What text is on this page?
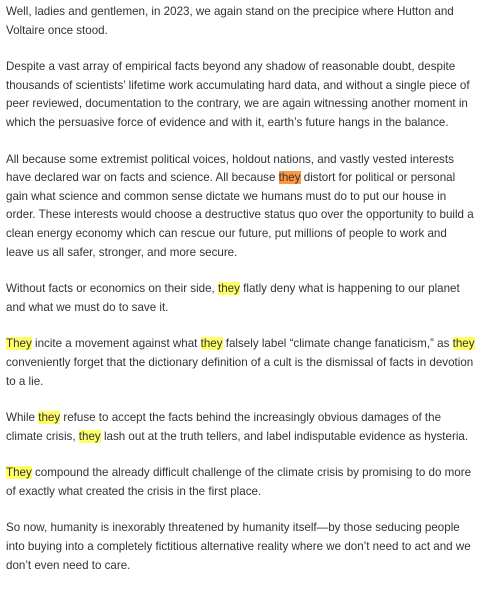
Well, ladies and gentlemen, in 2023, we again stand on the precipice where Hutton and Voltaire once stood.

Despite a vast array of empirical facts beyond any shadow of reasonable doubt, despite thousands of scientists’ lifetime work accumulating hard data, and without a single piece of peer reviewed, documentation to the contrary, we are again witnessing another moment in which the persuasive force of evidence and with it, earth’s future hangs in the balance.

All because some extremist political voices, holdout nations, and vastly vested interests have declared war on facts and science. All because they distort for political or personal gain what science and common sense dictate we humans must do to put our house in order. These interests would choose a destructive status quo over the opportunity to build a clean energy economy which can rescue our future, put millions of people to work and leave us all safer, stronger, and more secure.

Without facts or economics on their side, they flatly deny what is happening to our planet and what we must do to save it.

They incite a movement against what they falsely label “climate change fanaticism,” as they conveniently forget that the dictionary definition of a cult is the dismissal of facts in devotion to a lie.

While they refuse to accept the facts behind the increasingly obvious damages of the climate crisis, they lash out at the truth tellers, and label indisputable evidence as hysteria.

They compound the already difficult challenge of the climate crisis by promising to do more of exactly what created the crisis in the first place.

So now, humanity is inexorably threatened by humanity itself—by those seducing people into buying into a completely fictitious alternative reality where we don’t need to act and we don’t even need to care.
